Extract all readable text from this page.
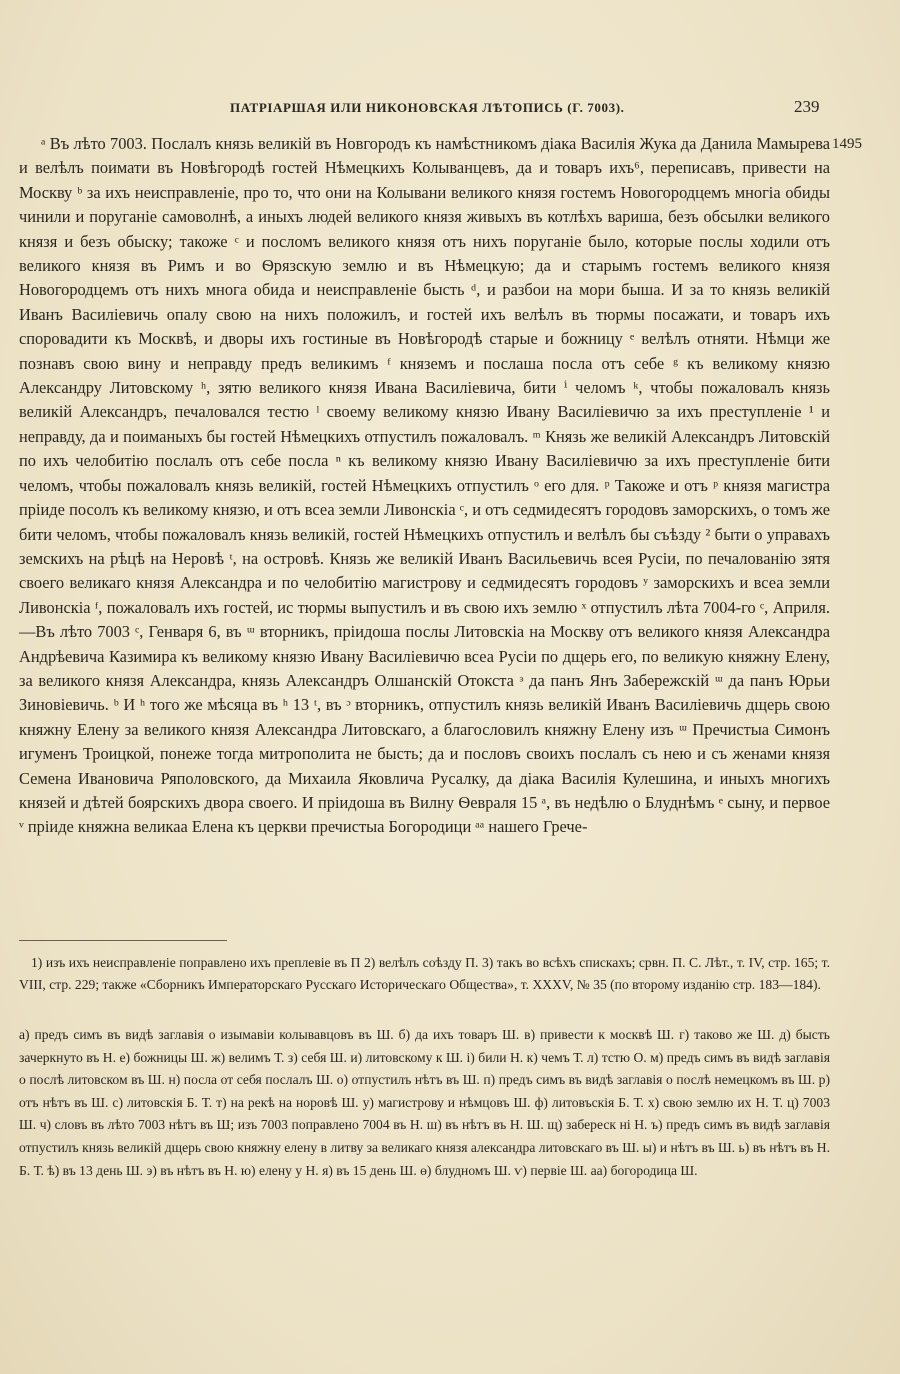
ПАТРІАРШАЯ ИЛИ НИКОНОВСКАЯ ЛѢТОПИСЬ (Г. 7003).	239
1495
ᵃ Въ лѣто 7003. Послалъ князь великій въ Новгородъ къ намѣстникомъ діака Василія Жука да Данила Мамырева и велѣлъ поимати въ Новѣгородѣ гостей Нѣмецкихъ Колыванцевъ, да и товаръ ихъ⁶, переписавъ, привести на Москву ᵇ за ихъ неисправленіе, про то, что они на Колывани великого князя гостемъ Новогородцемъ многіа обиды чинили и поруганіе самоволнѣ, а иныхъ людей великого князя живыхъ въ котлѣхъ вариша, безъ обсылки великого князя и безъ обыску; такоже ᶜ и посломъ великого князя отъ нихъ поруганіе было, которые послы ходили отъ великого князя въ Римъ и во Ѳрязскую землю и въ Нѣмецкую; да и старымъ гостемъ великого князя Новогородцемъ отъ нихъ многа обида и неисправленіе бысть ᵈ, и разбои на мори быша. И за то князь великій Иванъ Василіевичь опалу свою на нихъ положилъ, и гостей ихъ велѣлъ въ тюрмы посажати, и товаръ ихъ споровадити къ Москвѣ, и дворы ихъ гостиные въ Новѣгородѣ старые и божницу ᵉ велѣлъ отняти. Нѣмци же познавъ свою вину и неправду предъ великимъ ᶠ княземъ и послаша посла отъ себе ᵍ къ великому князю Александру Литовскому ʰ, зятю великого князя Ивана Василіевича, бити ⁱ челомъ ᵏ, чтобы пожаловалъ князь великій Александръ, печаловался тестю ˡ своему великому князю Ивану Василіевичю за ихъ преступленіе ¹ и неправду, да и поиманыхъ бы гостей Нѣмецкихъ отпустилъ пожаловалъ. ᵐ Князь же великій Александръ Литовскій по ихъ челобитію послалъ отъ себе посла ⁿ къ великому князю Ивану Василіевичю за ихъ преступленіе бити челомъ, чтобы пожаловалъ князь великій, гостей Нѣмецкихъ отпустилъ ᵒ его для. ᵖ Такоже и отъ ᵖ князя магистра пріиде посолъ къ великому князю, и отъ всеа земли Ливонскіа ᶜ, и отъ седмидесятъ городовъ заморскихъ, о томъ же бити челомъ, чтобы пожаловалъ князь великій, гостей Нѣмецкихъ отпустилъ и велѣлъ бы съѣзду ² быти о управахъ земскихъ на рѣцѣ на Неровѣ ᵗ, на островѣ. Князь же великій Иванъ Васильевичь всея Русіи, по печалованію зятя своего великаго князя Александра и по челобитію магистрову и седмидесятъ городовъ ʸ заморскихъ и всеа земли Ливонскіа ᶠ, пожаловалъ ихъ гостей, ис тюрмы выпустилъ и въ свою ихъ землю ˣ отпустилъ лѣта 7004-го ᶜ, Априля.—Въ лѣто 7003 ᶜ, Генваря 6, въ ᵚ вторникъ, пріидоша послы Литовскіа на Москву отъ великого князя Александра Андрѣевича Казимира къ великому князю Ивану Василіевичю всеа Русіи по дщерь его, по великую княжну Елену, за великого князя Александра, князь Александръ Олшанскій Отокста ᶟ да панъ Янъ Забережскій ᵚ да панъ Юрьи Зиновіевичь. ᵇ И ʰ того же мѣсяца въ ʰ 13 ᵗ, въ ᵓ вторникъ, отпустилъ князь великій Иванъ Василіевичь дщерь свою княжну Елену за великого князя Александра Литовскаго, а благословилъ княжну Елену изъ ᵚ Пречистыа Симонъ игуменъ Троицкой, понеже тогда митрополита не бысть; да и пословъ своихъ послалъ съ нею и съ женами князя Семена Ивановича Ряполовского, да Михаила Яковлича Русалку, да діака Василія Кулешина, и иныхъ многихъ князей и дѣтей боярскихъ двора своего. И пріидоша въ Вилну Ѳевраля 15 ᵃ, въ недѣлю о Блуднѣмъ ᵉ сыну, и первое ᵛ пріиде княжна великаа Елена къ церкви пречистыа Богородици ᵃᵃ нашего Грече-
1) изъ ихъ неисправленіе поправлено ихъ преплевіе въ П 2) велѣлъ соѣзду П. 3) такъ во всѣхъ спискахъ; срвн. П. С. Лѣт., т. IV, стр. 165; т. VIII, стр. 229; также «Сборникъ Императорскаго Русскаго Историческаго Общества», т. XXXV, № 35 (по второму изданію стр. 183—184).
а) предъ симъ въ видѣ заглавія о изымавіи колывавцовъ въ Ш. б) да ихъ товаръ Ш. в) привести к москвѣ Ш. г) таково же Ш. д) бысть зачеркнуто въ Н. е) божницы Ш. ж) велимъ Т. з) себя Ш. и) литовскому к Ш. і) били Н. к) чемъ Т. л) тстю О. м) предъ симъ въ видѣ заглавія о послѣ литовском въ Ш. н) посла от себя послалъ Ш. о) отпустилъ нѣтъ въ Ш. п) предъ симъ въ видѣ заглавія о послѣ немецкомъ въ Ш. р) отъ нѣтъ въ Ш. с) литовскія Б. Т. т) на рекѣ на норовѣ Ш. у) магистрову и нѣмцовъ Ш. ф) литовъскія Б. Т. х) свою землю их Н. Т. ц) 7003 Ш. ч) словъ въ лѣто 7003 нѣтъ въ Ш; изъ 7003 поправлено 7004 въ Н. ш) въ нѣтъ въ Н. Ш. щ) забереск ні Н. ъ) предъ симъ въ видѣ заглавія отпустилъ князь великій дщерь свою княжну елену в литву за великаго князя александра литовскаго въ Ш. ы) и нѣтъ въ Ш. ь) въ нѣтъ въ Н. Б. Т. ѣ) въ 13 день Ш. э) въ нѣтъ въ Н. ю) елену у Н. я) въ 15 день Ш. ѳ) блудномъ Ш. ѵ) первіе Ш. аа) богородица Ш.
